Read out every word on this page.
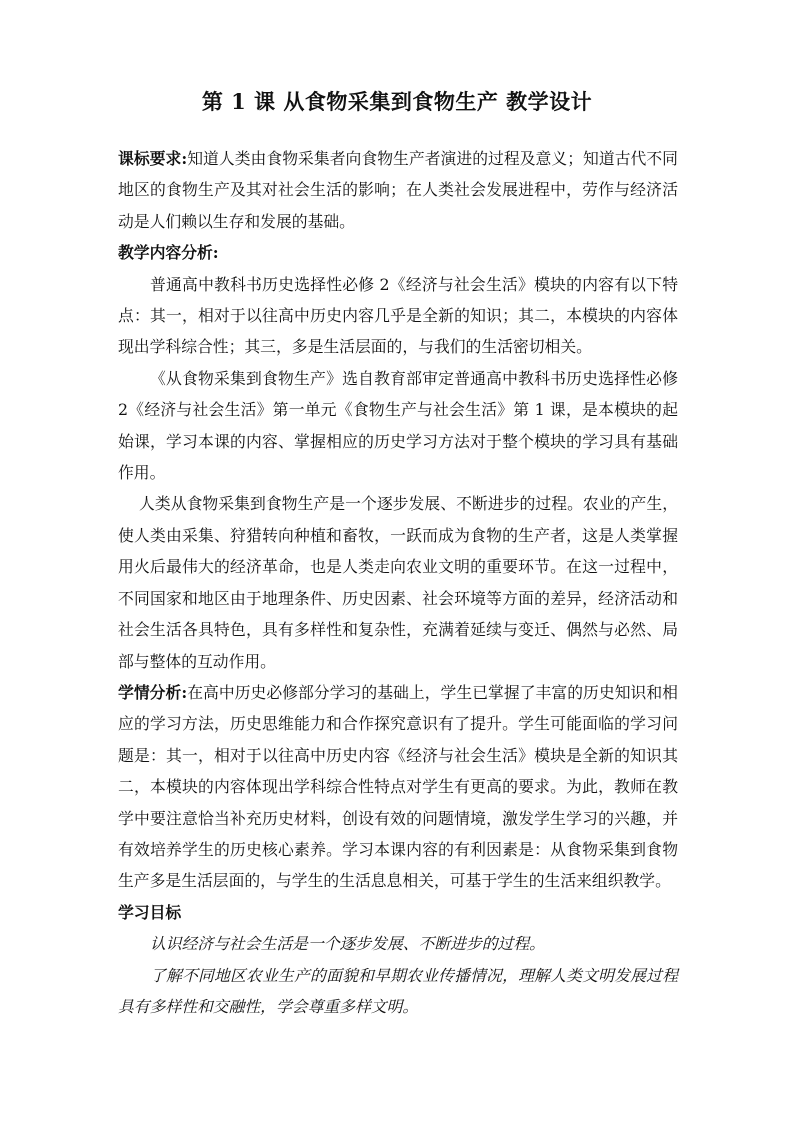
第 1 课 从食物采集到食物生产 教学设计

课标要求:知道人类由食物采集者向食物生产者演进的过程及意义；知道古代不同地区的食物生产及其对社会生活的影响；在人类社会发展进程中，劳作与经济活动是人们赖以生存和发展的基础。

教学内容分析:

普通高中教科书历史选择性必修 2《经济与社会生活》模块的内容有以下特点：其一，相对于以往高中历史内容几乎是全新的知识；其二，本模块的内容体现出学科综合性；其三，多是生活层面的，与我们的生活密切相关。

《从食物采集到食物生产》选自教育部审定普通高中教科书历史选择性必修 2《经济与社会生活》第一单元《食物生产与社会生活》第 1 课，是本模块的起始课，学习本课的内容、掌握相应的历史学习方法对于整个模块的学习具有基础作用。

人类从食物采集到食物生产是一个逐步发展、不断进步的过程。农业的产生，使人类由采集、狩猎转向种植和畜牧，一跃而成为食物的生产者，这是人类掌握用火后最伟大的经济革命，也是人类走向农业文明的重要环节。在这一过程中，不同国家和地区由于地理条件、历史因素、社会环境等方面的差异，经济活动和社会生活各具特色，具有多样性和复杂性，充满着延续与变迁、偶然与必然、局部与整体的互动作用。

学情分析:在高中历史必修部分学习的基础上，学生已掌握了丰富的历史知识和相应的学习方法，历史思维能力和合作探究意识有了提升。学生可能面临的学习问题是：其一，相对于以往高中历史内容《经济与社会生活》模块是全新的知识其二，本模块的内容体现出学科综合性特点对学生有更高的要求。为此，教师在教学中要注意恰当补充历史材料，创设有效的问题情境，激发学生学习的兴趣，并有效培养学生的历史核心素养。学习本课内容的有利因素是：从食物采集到食物生产多是生活层面的，与学生的生活息息相关，可基于学生的生活来组织教学。

学习目标

认识经济与社会生活是一个逐步发展、不断进步的过程。

了解不同地区农业生产的面貌和早期农业传播情况，理解人类文明发展过程具有多样性和交融性，学会尊重多样文明。
